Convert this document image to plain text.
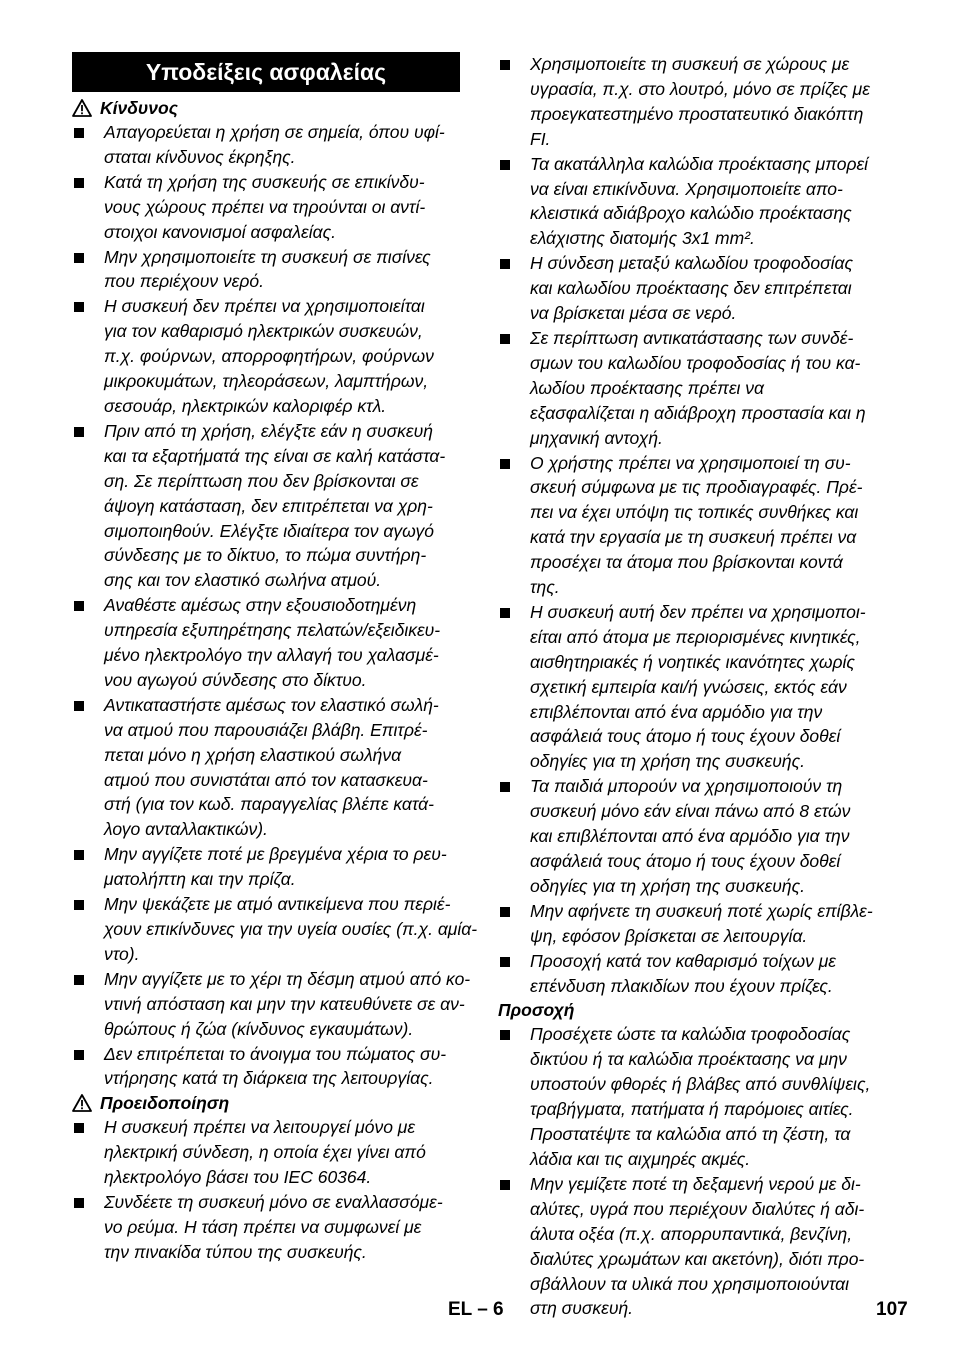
Υποδείξεις ασφαλείας
Κίνδυνος
Απαγορεύεται η χρήση σε σημεία, όπου υφί-
σταται κίνδυνος έκρηξης.
Κατά τη χρήση της συσκευής σε επικίνδυ-
νους χώρους πρέπει να τηρούνται οι αντί-
στοιχοι κανονισμοί ασφαλείας.
Μην χρησιμοποιείτε τη συσκευή σε πισίνες
που περιέχουν νερό.
Η συσκευή δεν πρέπει να χρησιμοποιείται
για τον καθαρισμό ηλεκτρικών συσκευών,
π.χ. φούρνων, απορροφητήρων, φούρνων
μικροκυμάτων, τηλεοράσεων, λαμπτήρων,
σεσουάρ, ηλεκτρικών καλοριφέρ κτλ.
Πριν από τη χρήση, ελέγξτε εάν η συσκευή
και τα εξαρτήματά της είναι σε καλή κατάστα-
ση. Σε περίπτωση που δεν βρίσκονται σε
άψογη κατάσταση, δεν επιτρέπεται να χρη-
σιμοποιηθούν. Ελέγξτε ιδιαίτερα τον αγωγό
σύνδεσης με το δίκτυο, το πώμα συντήρη-
σης και τον ελαστικό σωλήνα ατμού.
Αναθέστε αμέσως στην εξουσιοδοτημένη
υπηρεσία εξυπηρέτησης πελατών/εξειδικευ-
μένο ηλεκτρολόγο την αλλαγή του χαλασμέ-
νου αγωγού σύνδεσης στο δίκτυο.
Αντικαταστήστε αμέσως τον ελαστικό σωλή-
να ατμού που παρουσιάζει βλάβη. Επιτρέ-
πεται μόνο η χρήση ελαστικού σωλήνα
ατμού που συνιστάται από τον κατασκευα-
στή (για τον κωδ. παραγγελίας βλέπε κατά-
λογο ανταλλακτικών).
Μην αγγίζετε ποτέ με βρεγμένα χέρια το ρευ-
ματολήπτη και την πρίζα.
Μην ψεκάζετε με ατμό αντικείμενα που περιέ-
χουν επικίνδυνες για την υγεία ουσίες (π.χ. αμία-
ντο).
Μην αγγίζετε με το χέρι τη δέσμη ατμού από κο-
ντινή απόσταση και μην την κατευθύνετε σε αν-
θρώπους ή ζώα (κίνδυνος εγκαυμάτων).
Δεν επιτρέπεται το άνοιγμα του πώματος συ-
ντήρησης κατά τη διάρκεια της λειτουργίας.
Προειδοποίηση
Η συσκευή πρέπει να λειτουργεί μόνο με
ηλεκτρική σύνδεση, η οποία έχει γίνει από
ηλεκτρολόγο βάσει του IEC 60364.
Συνδέετε τη συσκευή μόνο σε εναλλασσόμε-
νο ρεύμα. Η τάση πρέπει να συμφωνεί με
την πινακίδα τύπου της συσκευής.
Χρησιμοποιείτε τη συσκευή σε χώρους με
υγρασία, π.χ. στο λουτρό, μόνο σε πρίζες με
προεγκατεστημένο προστατευτικό διακόπτη
FI.
Τα ακατάλληλα καλώδια προέκτασης μπορεί
να είναι επικίνδυνα. Χρησιμοποιείτε απο-
κλειστικά αδιάβροχο καλώδιο προέκτασης
ελάχιστης διατομής 3x1 mm².
Η σύνδεση μεταξύ καλωδίου τροφοδοσίας
και καλωδίου προέκτασης δεν επιτρέπεται
να βρίσκεται μέσα σε νερό.
Σε περίπτωση αντικατάστασης των συνδέ-
σμων του καλωδίου τροφοδοσίας ή του κα-
λωδίου προέκτασης πρέπει να
εξασφαλίζεται η αδιάβροχη προστασία και η
μηχανική αντοχή.
Ο χρήστης πρέπει να χρησιμοποιεί τη συ-
σκευή σύμφωνα με τις προδιαγραφές. Πρέ-
πει να έχει υπόψη τις τοπικές συνθήκες και
κατά την εργασία με τη συσκευή πρέπει να
προσέχει τα άτομα που βρίσκονται κοντά
της.
Η συσκευή αυτή δεν πρέπει να χρησιμοποι-
είται από άτομα με περιορισμένες κινητικές,
αισθητηριακές ή νοητικές ικανότητες χωρίς
σχετική εμπειρία και/ή γνώσεις, εκτός εάν
επιβλέπονται από ένα αρμόδιο για την
ασφάλειά τους άτομο ή τους έχουν δοθεί
οδηγίες για τη χρήση της συσκευής.
Τα παιδιά μπορούν να χρησιμοποιούν τη
συσκευή μόνο εάν είναι πάνω από 8 ετών
και επιβλέπονται από ένα αρμόδιο για την
ασφάλειά τους άτομο ή τους έχουν δοθεί
οδηγίες για τη χρήση της συσκευής.
Μην αφήνετε τη συσκευή ποτέ χωρίς επίβλε-
ψη, εφόσον βρίσκεται σε λειτουργία.
Προσοχή κατά τον καθαρισμό τοίχων με
επένδυση πλακιδίων που έχουν πρίζες.
Προσοχή
Προσέχετε ώστε τα καλώδια τροφοδοσίας
δικτύου ή τα καλώδια προέκτασης να μην
υποστούν φθορές ή βλάβες από συνθλίψεις,
τραβήγματα, πατήματα ή παρόμοιες αιτίες.
Προστατέψτε τα καλώδια από τη ζέστη, τα
λάδια και τις αιχμηρές ακμές.
Μην γεμίζετε ποτέ τη δεξαμενή νερού με δι-
αλύτες, υγρά που περιέχουν διαλύτες ή αδι-
άλυτα οξέα (π.χ. απορρυπαντικά, βενζίνη,
διαλύτες χρωμάτων και ακετόνη), διότι προ-
σβάλλουν τα υλικά που χρησιμοποιούνται
στη συσκευή.
EL – 6	107
